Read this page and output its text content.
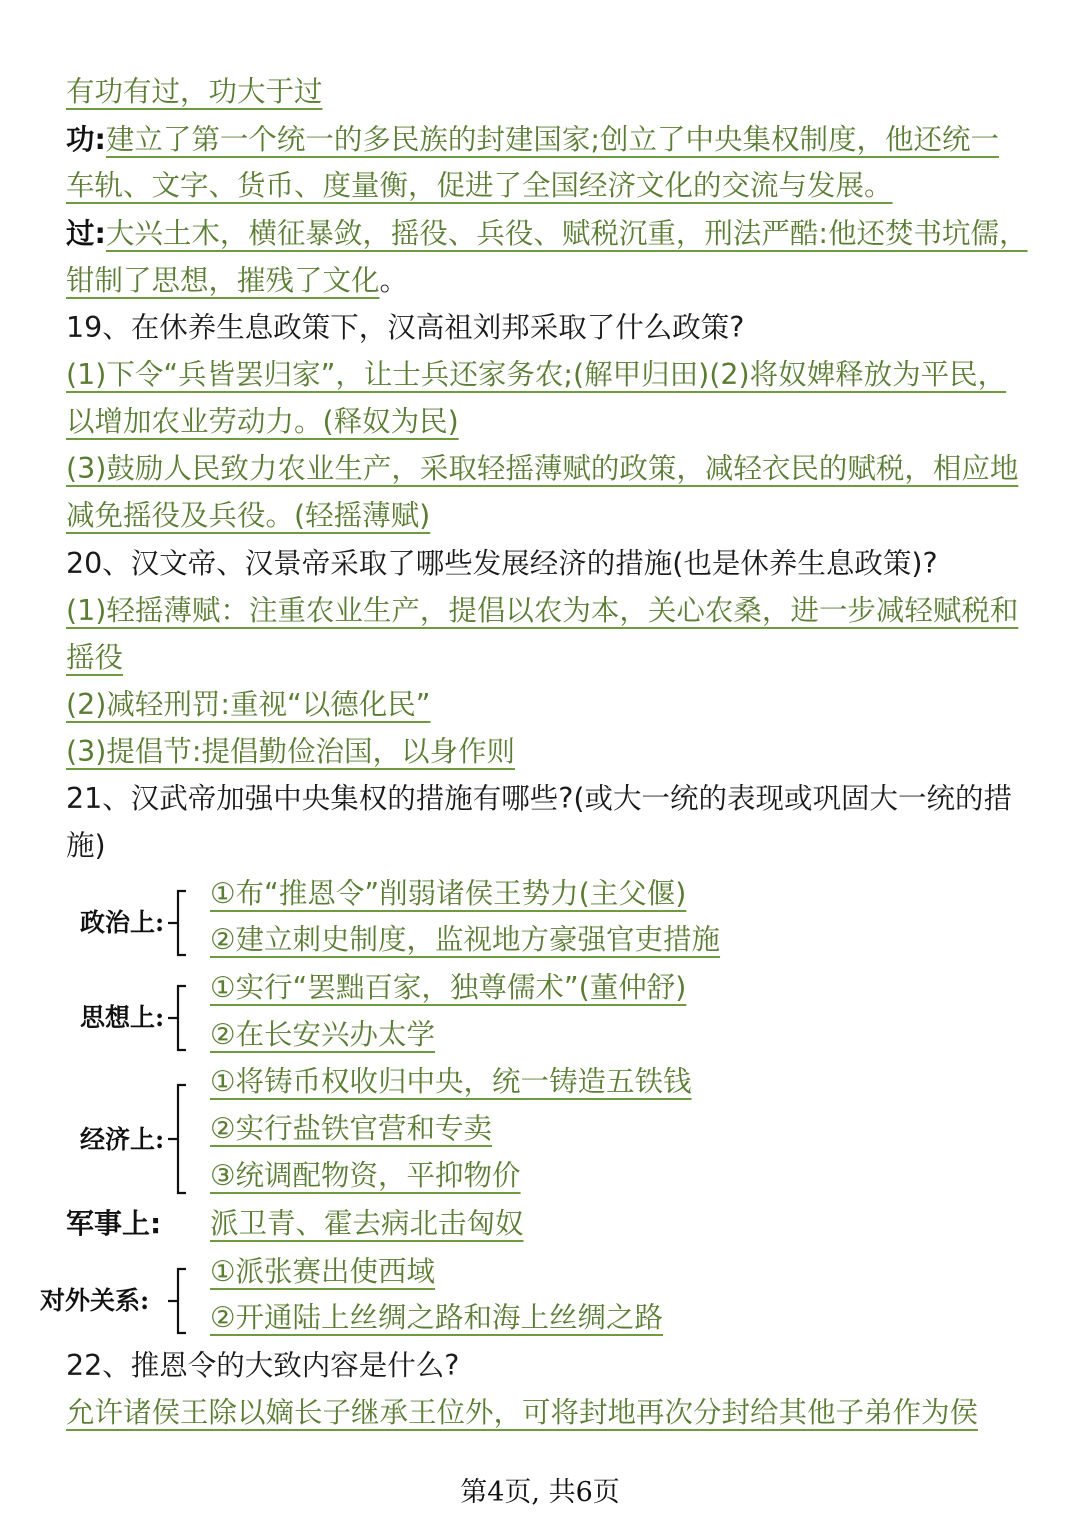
有功有过，功大于过
功:建立了第一个统一的多民族的封建国家;创立了中央集权制度，他还统一
车轨、文字、货币、度量衡，促进了全国经济文化的交流与发展。
过:大兴土木，横征暴敛，摇役、兵役、赋税沉重，刑法严酷:他还焚书坑儒，
钳制了思想，摧残了文化。
19、在休养生息政策下，汉高祖刘邦采取了什么政策?
(1)下令“兵皆罢归家”，让士兵还家务农;(解甲归田)(2)将奴婢释放为平民，
以增加农业劳动力。(释奴为民)
(3)鼓励人民致力农业生产，采取轻摇薄赋的政策，减轻衣民的赋税，相应地
减免摇役及兵役。(轻摇薄赋)
20、汉文帝、汉景帝采取了哪些发展经济的措施(也是休养生息政策)?
(1)轻摇薄赋：注重农业生产，提倡以农为本，关心农桑，进一步减轻赋税和
摇役
(2)减轻刑罚:重视“以德化民”
(3)提倡节:提倡勤俭治国，以身作则
21、汉武帝加强中央集权的措施有哪些?(或大一统的表现或巩固大一统的措
施)
政治上:
①布“推恩令”削弱诸侯王势力(主父偃)
②建立刺史制度，监视地方豪强官吏措施
思想上:
①实行“罢黜百家，独尊儒术”(董仲舒)
②在长安兴办太学
经济上:
①将铸币权收归中央，统一铸造五铁钱
②实行盐铁官营和专卖
③统调配物资，平抑物价
军事上: 派卫青、霍去病北击匈奴
对外关系:
①派张赛出使西域
②开通陆上丝绸之路和海上丝绸之路
22、推恩令的大致内容是什么?
允许诸侯王除以嫡长子继承王位外，可将封地再次分封给其他子弟作为侯
第4页, 共6页
